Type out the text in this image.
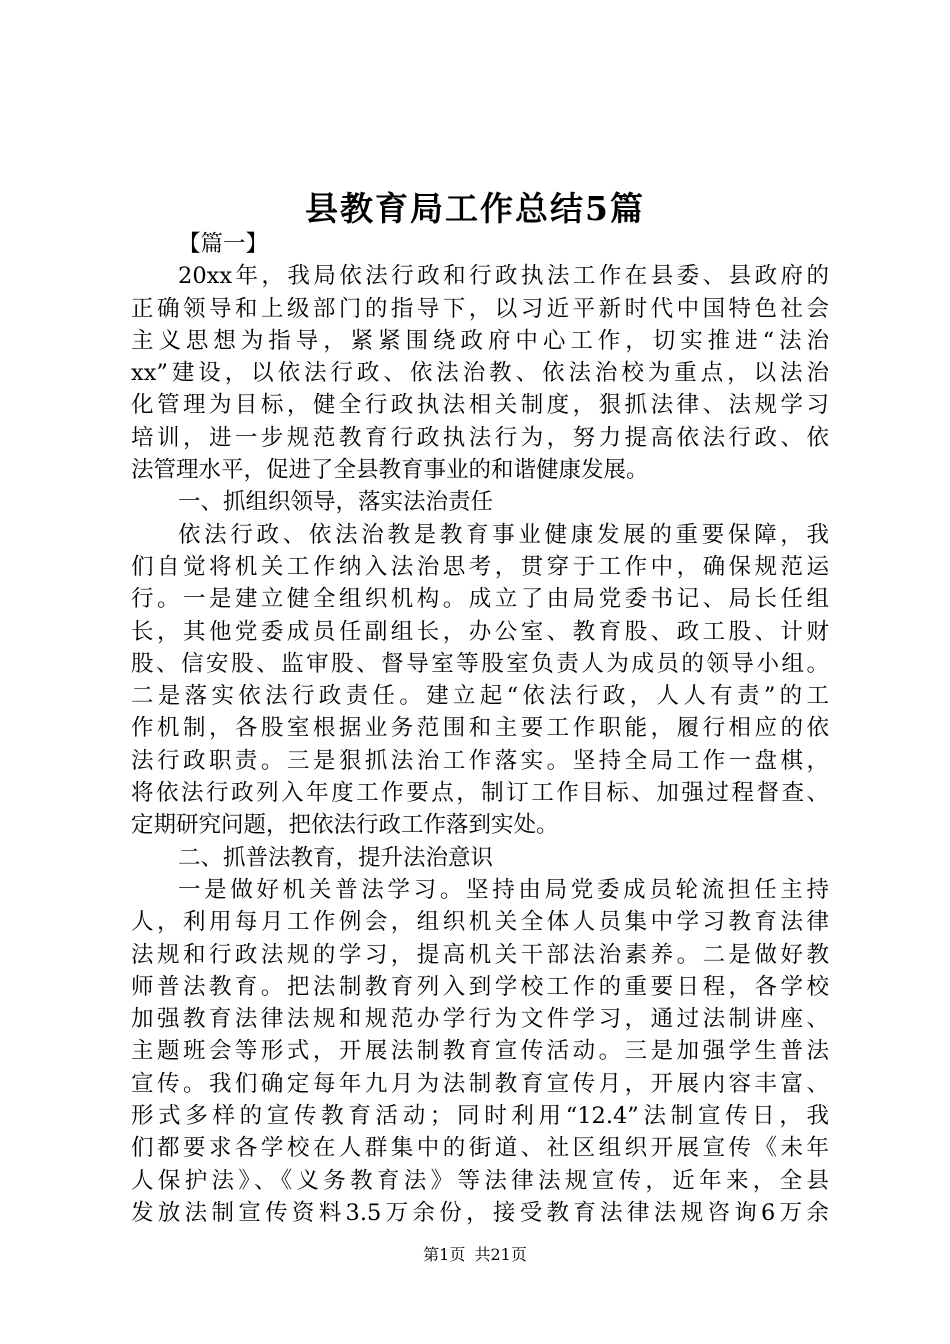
县教育局工作总结5篇
【篇一】
20xx年，我局依法行政和行政执法工作在县委、县政府的
正确领导和上级部门的指导下，以习近平新时代中国特色社会
主义思想为指导，紧紧围绕政府中心工作，切实推进“法治
xx”建设，以依法行政、依法治教、依法治校为重点，以法治
化管理为目标，健全行政执法相关制度，狠抓法律、法规学习
培训，进一步规范教育行政执法行为，努力提高依法行政、依
法管理水平，促进了全县教育事业的和谐健康发展。
一、抓组织领导，落实法治责任
依法行政、依法治教是教育事业健康发展的重要保障，我
们自觉将机关工作纳入法治思考，贯穿于工作中，确保规范运
行。一是建立健全组织机构。成立了由局党委书记、局长任组
长，其他党委成员任副组长，办公室、教育股、政工股、计财
股、信安股、监审股、督导室等股室负责人为成员的领导小组。
二是落实依法行政责任。建立起“依法行政，人人有责”的工
作机制，各股室根据业务范围和主要工作职能，履行相应的依
法行政职责。三是狠抓法治工作落实。坚持全局工作一盘棋，
将依法行政列入年度工作要点，制订工作目标、加强过程督查、
定期研究问题，把依法行政工作落到实处。
二、抓普法教育，提升法治意识
一是做好机关普法学习。坚持由局党委成员轮流担任主持
人，利用每月工作例会，组织机关全体人员集中学习教育法律
法规和行政法规的学习，提高机关干部法治素养。二是做好教
师普法教育。把法制教育列入到学校工作的重要日程，各学校
加强教育法律法规和规范办学行为文件学习，通过法制讲座、
主题班会等形式，开展法制教育宣传活动。三是加强学生普法
宣传。我们确定每年九月为法制教育宣传月，开展内容丰富、
形式多样的宣传教育活动；同时利用“12.4”法制宣传日，我
们都要求各学校在人群集中的街道、社区组织开展宣传《未年
人保护法》、《义务教育法》等法律法规宣传，近年来，全县
发放法制宣传资料3.5万余份，接受教育法律法规咨询6万余
第1页 共21页
